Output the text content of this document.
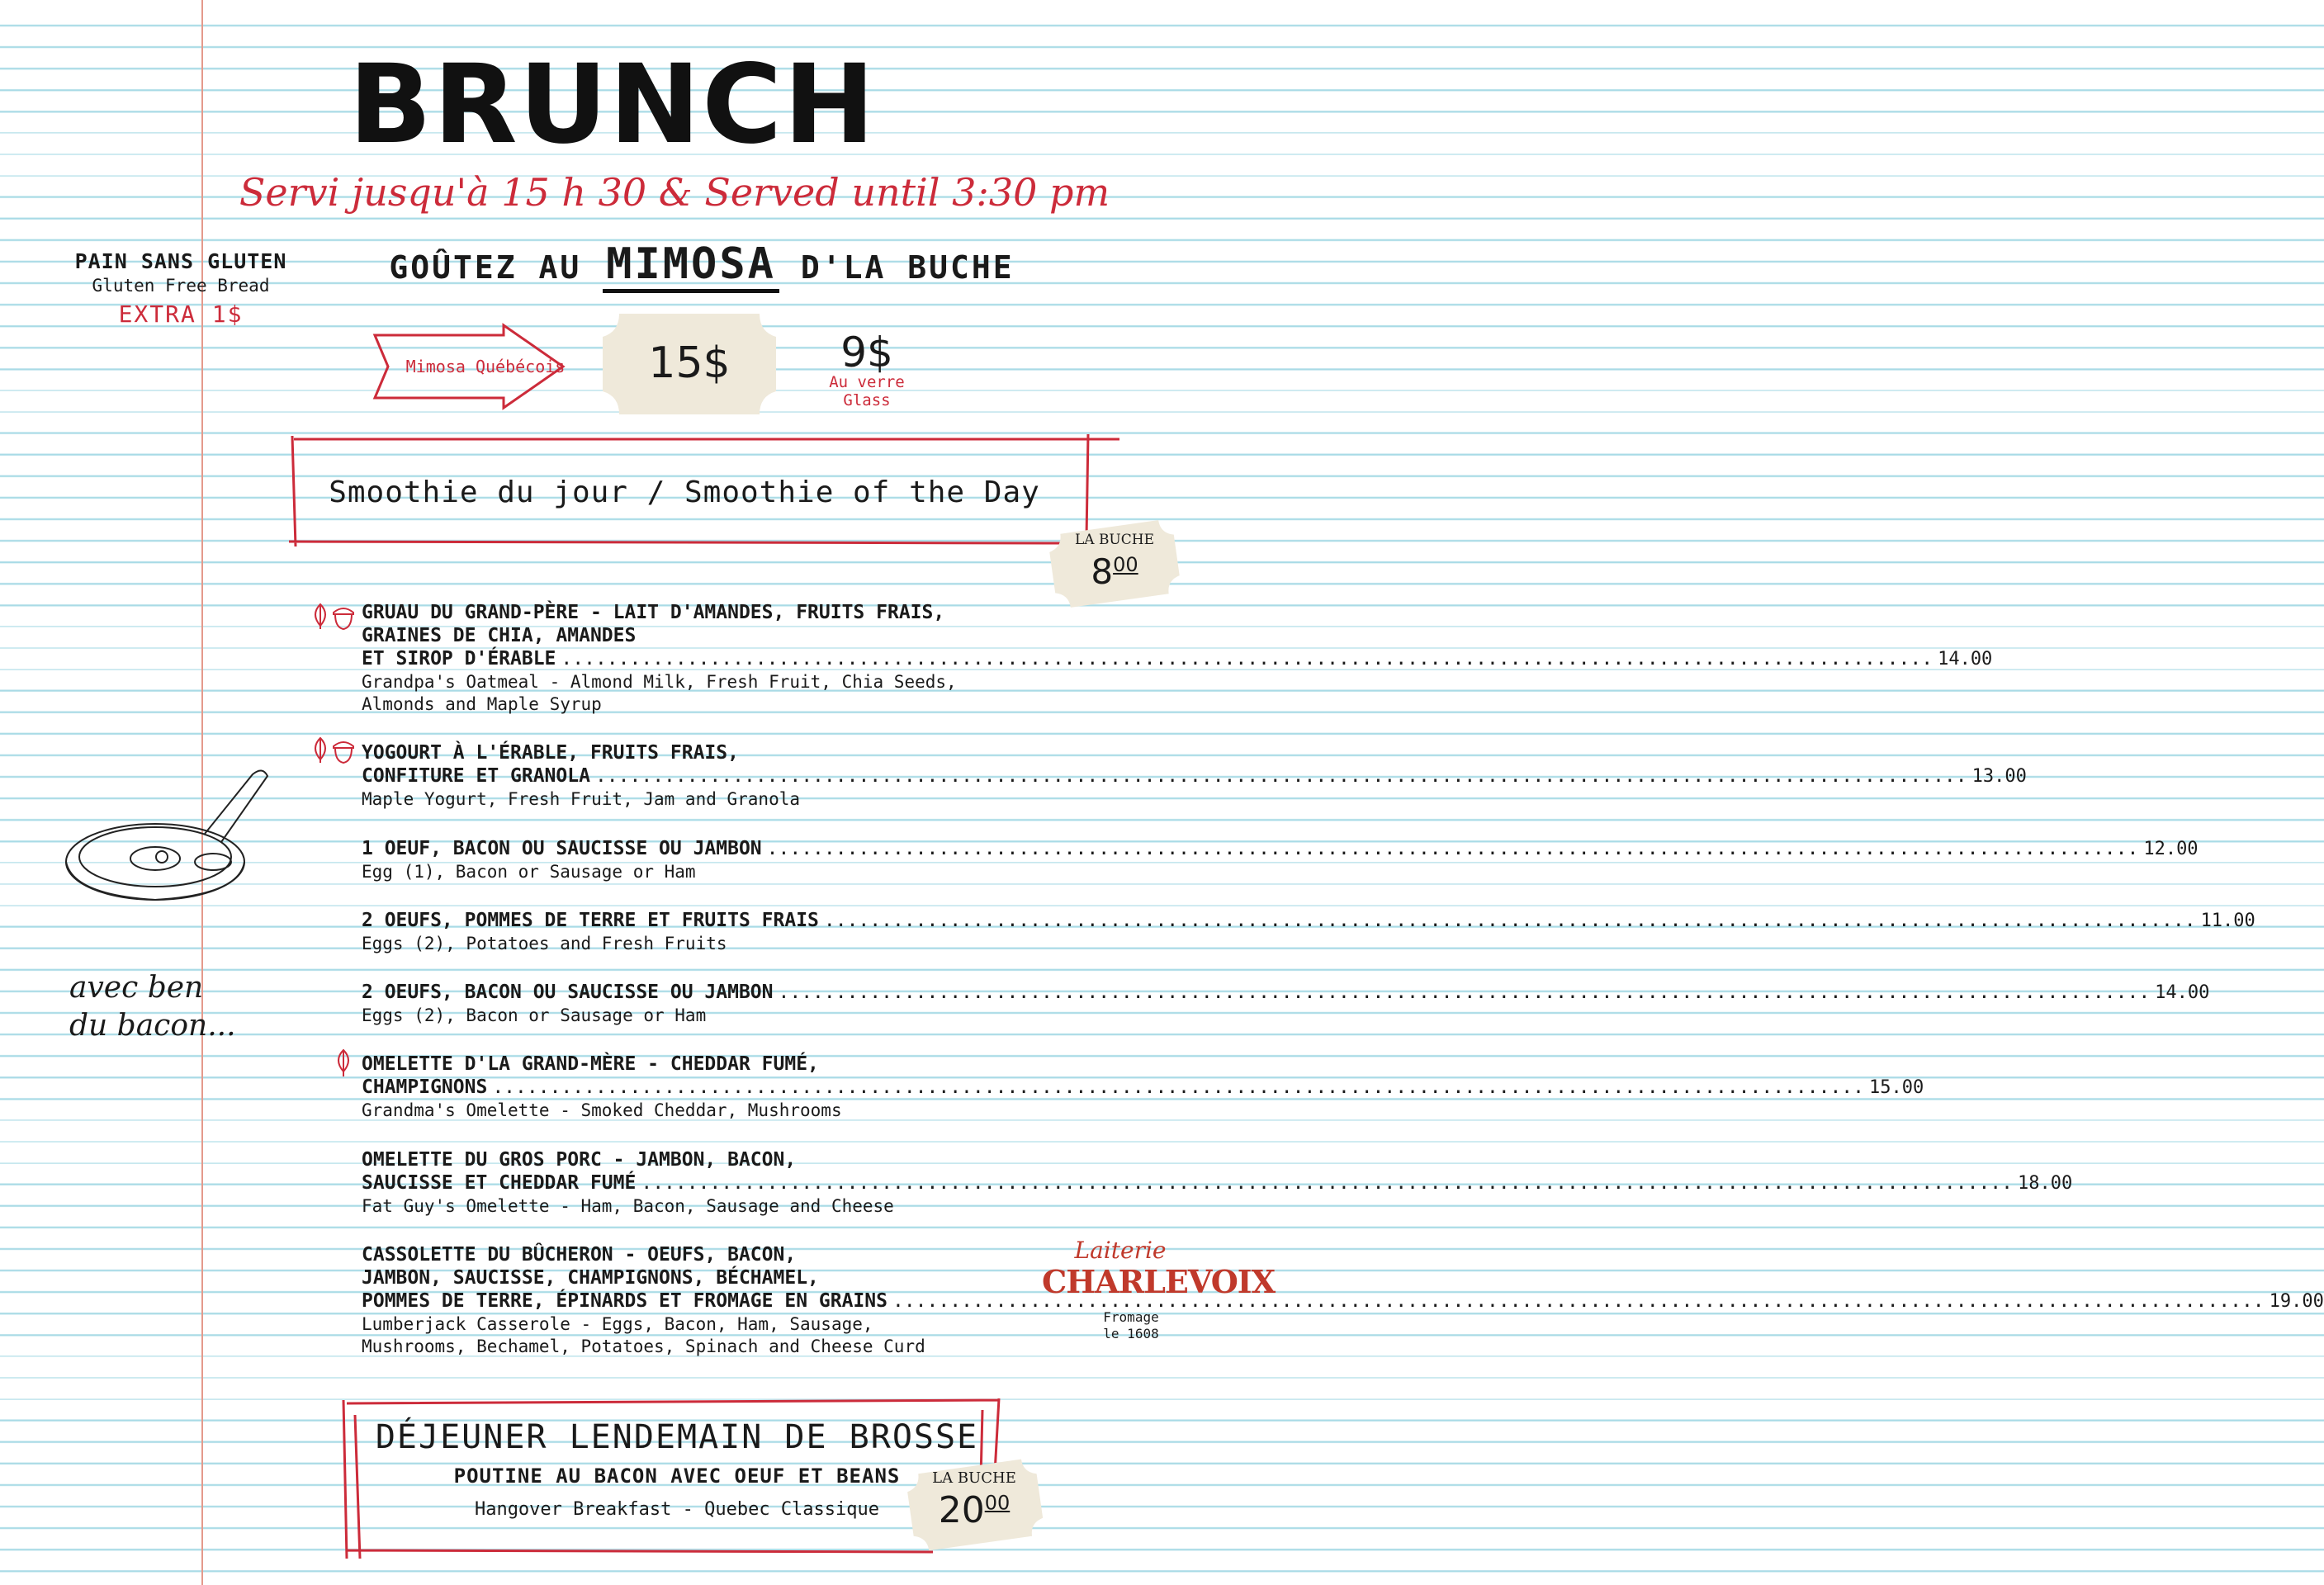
BRUNCH
Servi jusqu'à 15 h 30 & Served until 3:30 pm
GOÛTEZ AU MIMOSA D'LA BUCHE
PAIN SANS GLUTEN
Gluten Free Bread
EXTRA 1$
Mimosa Québécois	15$	9$
Au verre
Glass
Smoothie du jour / Smoothie of the Day
LA BUCHE
$8^{00}$
GRUAU DU GRAND-PÈRE - LAIT D'AMANDES, FRUITS FRAIS,
GRAINES DE CHIA, AMANDES
ET SIROP D'ÉRABLE .....	14.00
Grandpa's Oatmeal - Almond Milk, Fresh Fruit, Chia Seeds,
Almonds and Maple Syrup
YOGOURT À L'ÉRABLE, FRUITS FRAIS,
CONFITURE ET GRANOLA .....	13.00
Maple Yogurt, Fresh Fruit, Jam and Granola
1 OEUF, BACON OU SAUCISSE OU JAMBON .....	12.00
Egg (1), Bacon or Sausage or Ham
2 OEUFS, POMMES DE TERRE ET FRUITS FRAIS .....	11.00
Eggs (2), Potatoes and Fresh Fruits
2 OEUFS, BACON OU SAUCISSE OU JAMBON .....	14.00
Eggs (2), Bacon or Sausage or Ham
OMELETTE D'LA GRAND-MÈRE - CHEDDAR FUMÉ,
CHAMPIGNONS .....	15.00
Grandma's Omelette - Smoked Cheddar, Mushrooms
OMELETTE DU GROS PORC - JAMBON, BACON,
SAUCISSE ET CHEDDAR FUMÉ .....	18.00
Fat Guy's Omelette - Ham, Bacon, Sausage and Cheese
CASSOLETTE DU BÛCHERON - OEUFS, BACON,
JAMBON, SAUCISSE, CHAMPIGNONS, BÉCHAMEL,
POMMES DE TERRE, ÉPINARDS ET FROMAGE EN GRAINS .....	19.00
Lumberjack Casserole - Eggs, Bacon, Ham, Sausage,
Mushrooms, Bechamel, Potatoes, Spinach and Cheese Curd
avec ben
du bacon...
Laiterie
CHARLEVOIX
Fromage
le 1608
DÉJEUNER LENDEMAIN DE BROSSE
POUTINE AU BACON AVEC OEUF ET BEANS
Hangover Breakfast - Quebec Classique
LA BUCHE
$20^{00}$
